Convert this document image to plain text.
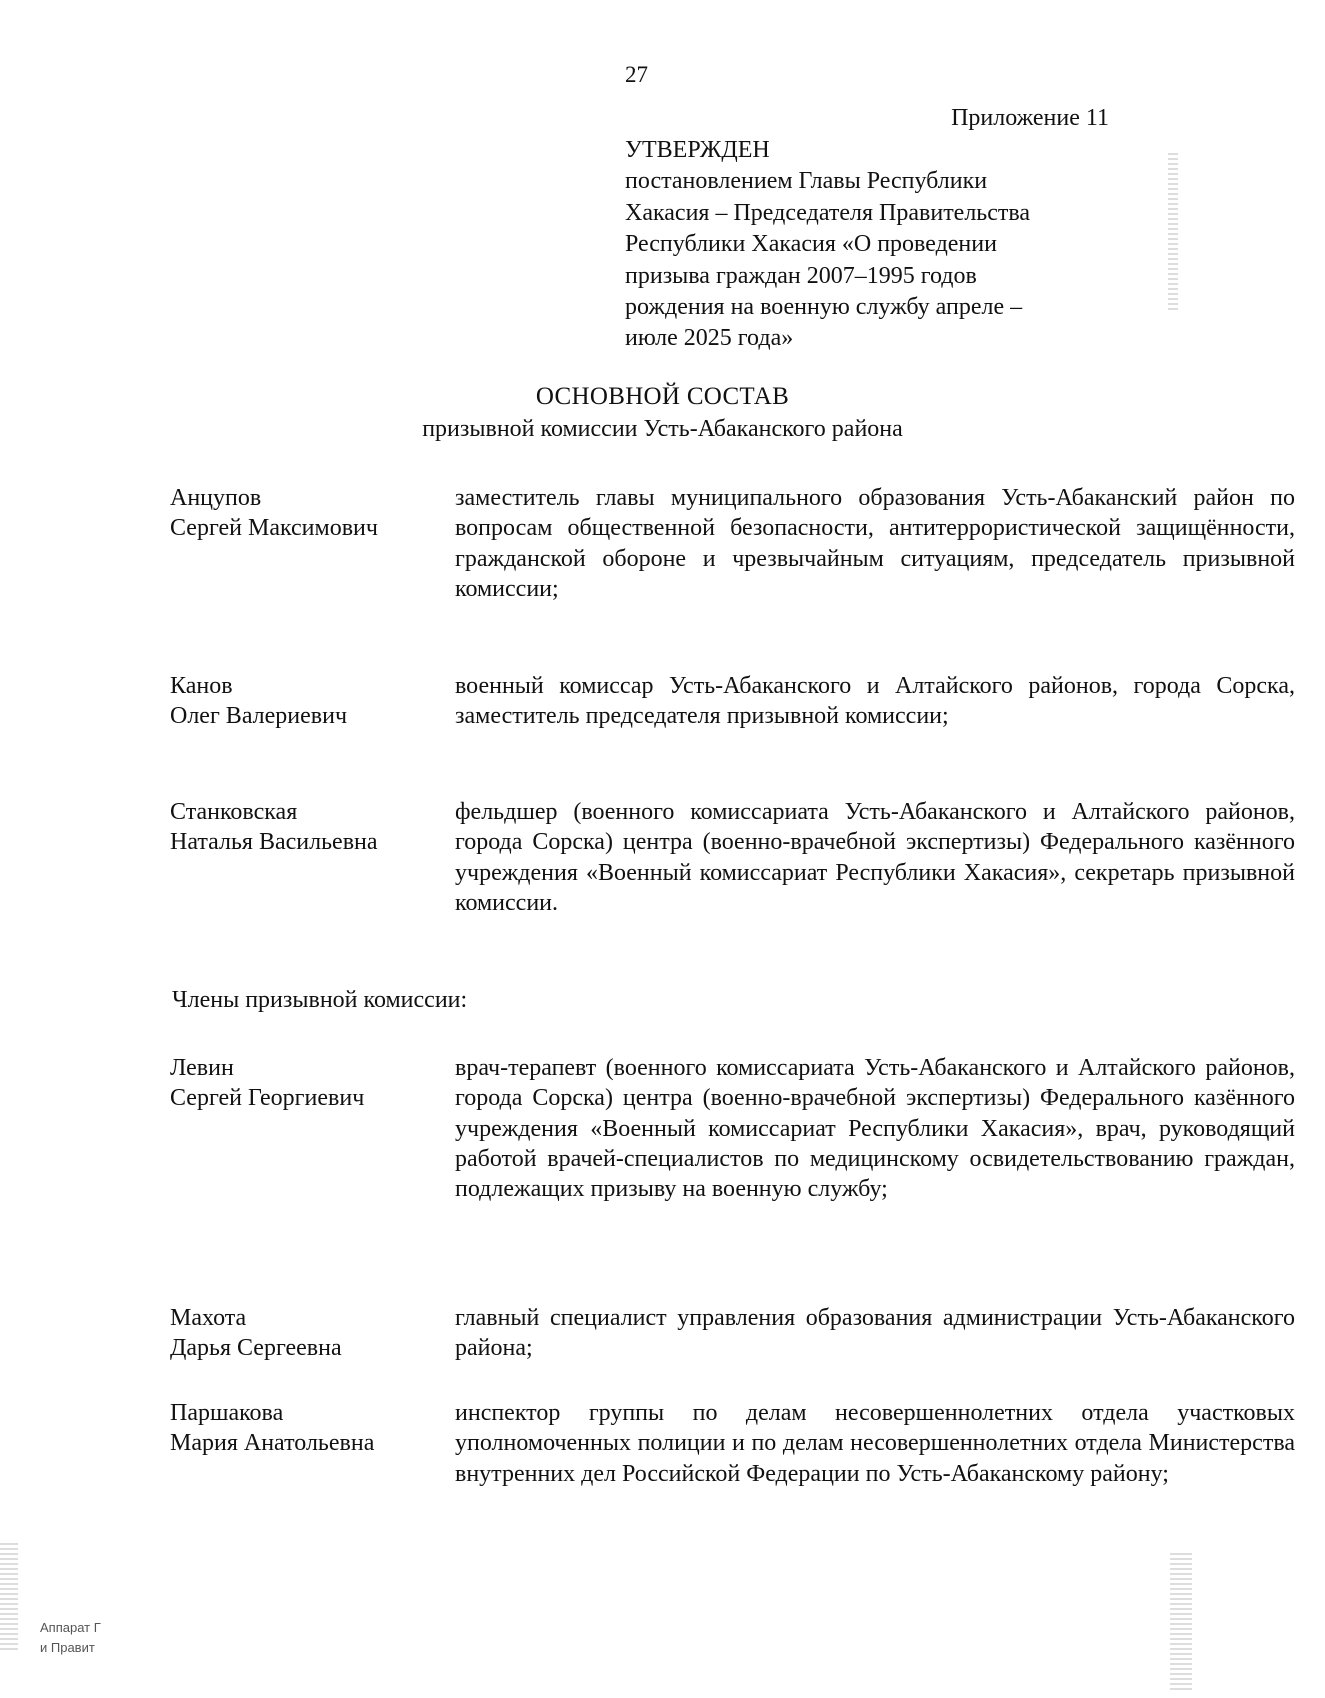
27
Приложение 11
УТВЕРЖДЕН
постановлением Главы Республики
Хакасия – Председателя Правительства
Республики Хакасия «О проведении
призыва граждан 2007–1995 годов
рождения на военную службу апреле –
июле 2025 года»
ОСНОВНОЙ СОСТАВ
призывной комиссии Усть-Абаканского района
Анцупов
Сергей Максимович
заместитель главы муниципального образования Усть-Абаканский район по вопросам общественной безопасности, антитеррористической защищённости, гражданской обороне и чрезвычайным ситуациям, председатель призывной комиссии;
Канов
Олег Валериевич
военный комиссар Усть-Абаканского и Алтайского районов, города Сорска, заместитель председателя призывной комиссии;
Станковская
Наталья Васильевна
фельдшер (военного комиссариата Усть-Абаканского и Алтайского районов, города Сорска) центра (военно-врачебной экспертизы) Федерального казённого учреждения «Военный комиссариат Республики Хакасия», секретарь призывной комиссии.
Члены призывной комиссии:
Левин
Сергей Георгиевич
врач-терапевт (военного комиссариата Усть-Абаканского и Алтайского районов, города Сорска) центра (военно-врачебной экспертизы) Федерального казённого учреждения «Военный комиссариат Республики Хакасия», врач, руководящий работой врачей-специалистов по медицинскому освидетельствованию граждан, подлежащих призыву на военную службу;
Махота
Дарья Сергеевна
главный специалист управления образования администрации Усть-Абаканского района;
Паршакова
Мария Анатольевна
инспектор группы по делам несовершеннолетних отдела участковых уполномоченных полиции и по делам несовершеннолетних отдела Министерства внутренних дел Российской Федерации по Усть-Абаканскому району;
Аппарат Г
и Правит
